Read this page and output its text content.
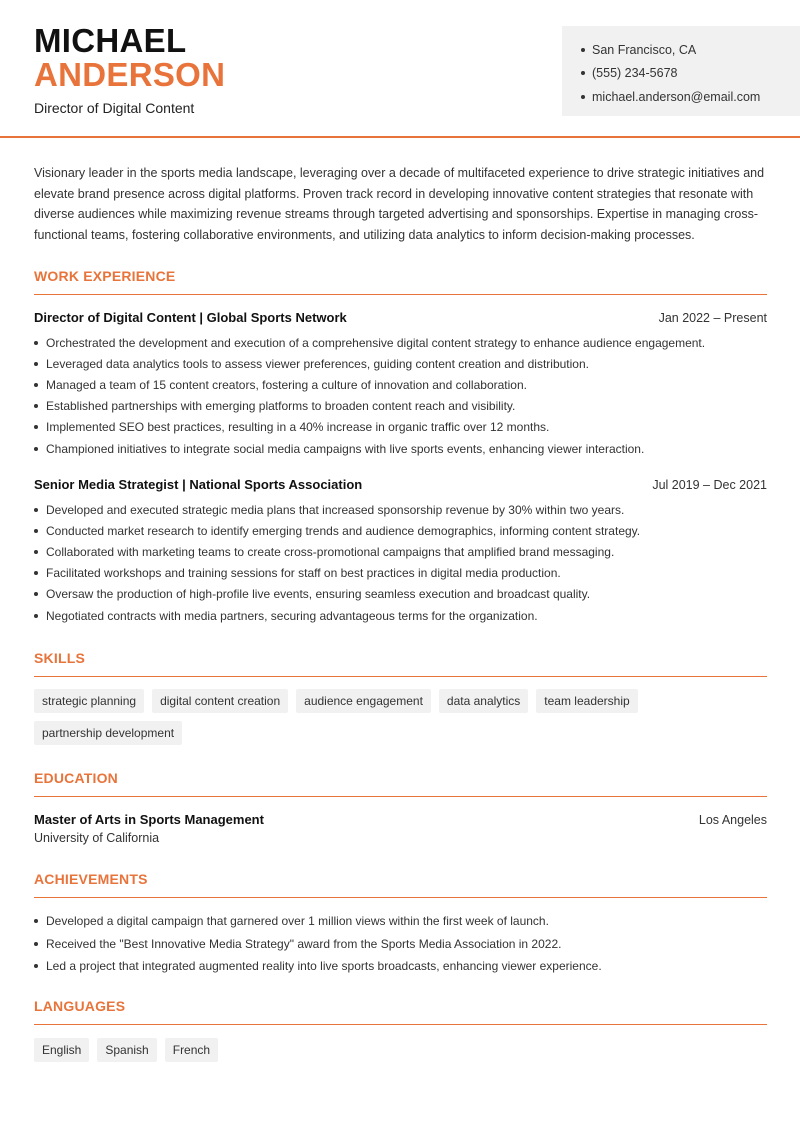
MICHAEL
ANDERSON
Director of Digital Content
San Francisco, CA
(555) 234-5678
michael.anderson@email.com

Visionary leader in the sports media landscape, leveraging over a decade of multifaceted experience to drive strategic initiatives and elevate brand presence across digital platforms. Proven track record in developing innovative content strategies that resonate with diverse audiences while maximizing revenue streams through targeted advertising and sponsorships. Expertise in managing cross-functional teams, fostering collaborative environments, and utilizing data analytics to inform decision-making processes.

WORK EXPERIENCE
Director of Digital Content | Global Sports Network	Jan 2022 – Present
Orchestrated the development and execution of a comprehensive digital content strategy to enhance audience engagement.
Leveraged data analytics tools to assess viewer preferences, guiding content creation and distribution.
Managed a team of 15 content creators, fostering a culture of innovation and collaboration.
Established partnerships with emerging platforms to broaden content reach and visibility.
Implemented SEO best practices, resulting in a 40% increase in organic traffic over 12 months.
Championed initiatives to integrate social media campaigns with live sports events, enhancing viewer interaction.
Senior Media Strategist | National Sports Association	Jul 2019 – Dec 2021
Developed and executed strategic media plans that increased sponsorship revenue by 30% within two years.
Conducted market research to identify emerging trends and audience demographics, informing content strategy.
Collaborated with marketing teams to create cross-promotional campaigns that amplified brand messaging.
Facilitated workshops and training sessions for staff on best practices in digital media production.
Oversaw the production of high-profile live events, ensuring seamless execution and broadcast quality.
Negotiated contracts with media partners, securing advantageous terms for the organization.
SKILLS
strategic planning	digital content creation	audience engagement	data analytics	team leadership
partnership development
EDUCATION
Master of Arts in Sports Management	Los Angeles
University of California
ACHIEVEMENTS
Developed a digital campaign that garnered over 1 million views within the first week of launch.
Received the "Best Innovative Media Strategy" award from the Sports Media Association in 2022.
Led a project that integrated augmented reality into live sports broadcasts, enhancing viewer experience.
LANGUAGES
English	Spanish	French
